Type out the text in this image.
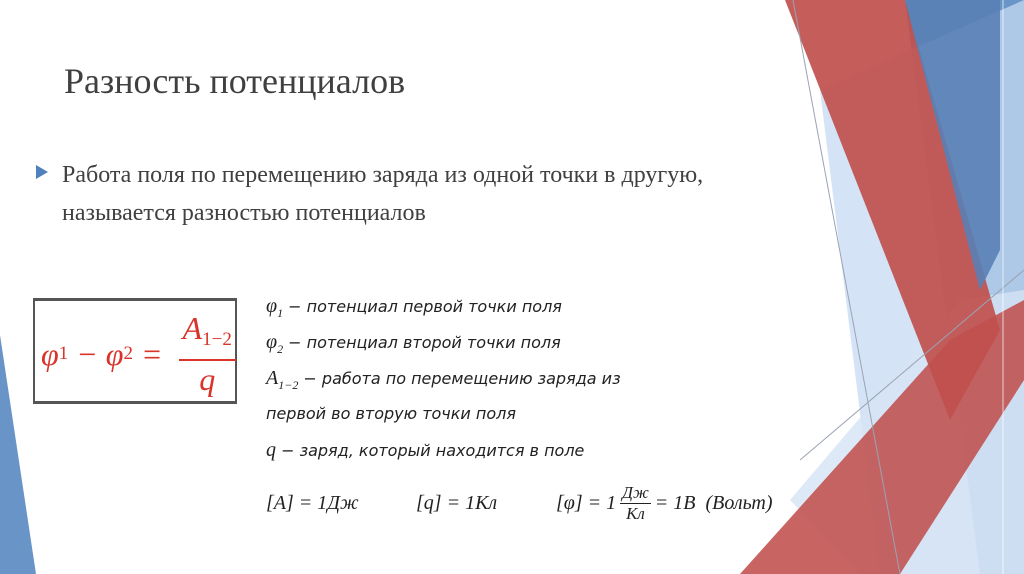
Разность потенциалов
Работа поля по перемещению заряда из одной точки в другую, называется разностью потенциалов
φ 1 − φ $2 = \frac{A_{1-2}}{q}$
$\varphi_1$ − потенциал первой точки поля
$\varphi_2$ − потенциал второй точки поля
$A_{1-2}$ − работа по перемещению заряда из
первой во вторую точки поля
q − заряд, который находится в поле
[A] = 1Дж	[q] = 1Кл	[φ] = 1 Дж
Кл = 1В  (Вольт)
